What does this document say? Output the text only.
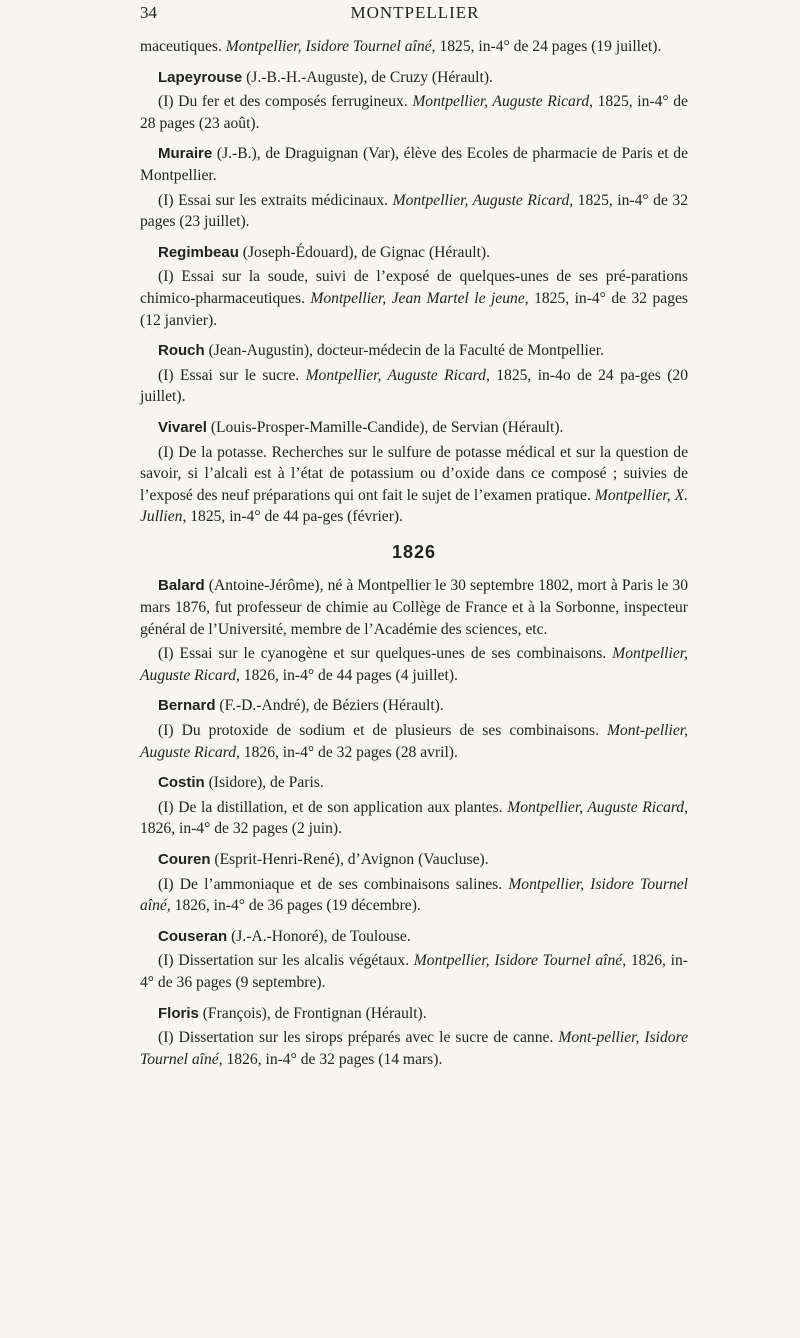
34	MONTPELLIER

maceutiques. Montpellier, Isidore Tournel aîné, 1825, in-4° de 24 pages (19 juillet).

Lapeyrouse (J.-B.-H.-Auguste), de Cruzy (Hérault).

(I) Du fer et des composés ferrugineux. Montpellier, Auguste Ricard, 1825, in-4° de 28 pages (23 août).

Muraire (J.-B.), de Draguignan (Var), élève des Ecoles de pharmacie de Paris et de Montpellier.

(I) Essai sur les extraits médicinaux. Montpellier, Auguste Ricard, 1825, in-4° de 32 pages (23 juillet).

Regimbeau (Joseph-Édouard), de Gignac (Hérault).

(I) Essai sur la soude, suivi de l’exposé de quelques-unes de ses pré-parations chimico-pharmaceutiques. Montpellier, Jean Martel le jeune, 1825, in-4° de 32 pages (12 janvier).

Rouch (Jean-Augustin), docteur-médecin de la Faculté de Montpellier.

(I) Essai sur le sucre. Montpellier, Auguste Ricard, 1825, in-4o de 24 pa-ges (20 juillet).

Vivarel (Louis-Prosper-Mamille-Candide), de Servian (Hérault).

(I) De la potasse. Recherches sur le sulfure de potasse médical et sur la question de savoir, si l’alcali est à l’état de potassium ou d’oxide dans ce composé ; suivies de l’exposé des neuf préparations qui ont fait le sujet de l’examen pratique. Montpellier, X. Jullien, 1825, in-4° de 44 pa-ges (février).

1826

Balard (Antoine-Jérôme), né à Montpellier le 30 septembre 1802, mort à Paris le 30 mars 1876, fut professeur de chimie au Collège de France et à la Sorbonne, inspecteur général de l’Université, membre de l’Académie des sciences, etc.

(I) Essai sur le cyanogène et sur quelques-unes de ses combinaisons. Montpellier, Auguste Ricard, 1826, in-4° de 44 pages (4 juillet).

Bernard (F.-D.-André), de Béziers (Hérault).

(I) Du protoxide de sodium et de plusieurs de ses combinaisons. Mont-pellier, Auguste Ricard, 1826, in-4° de 32 pages (28 avril).

Costin (Isidore), de Paris.

(I) De la distillation, et de son application aux plantes. Montpellier, Auguste Ricard, 1826, in-4° de 32 pages (2 juin).

Couren (Esprit-Henri-René), d’Avignon (Vaucluse).

(I) De l’ammoniaque et de ses combinaisons salines. Montpellier, Isidore Tournel aîné, 1826, in-4° de 36 pages (19 décembre).

Couseran (J.-A.-Honoré), de Toulouse.

(I) Dissertation sur les alcalis végétaux. Montpellier, Isidore Tournel aîné, 1826, in-4° de 36 pages (9 septembre).

Floris (François), de Frontignan (Hérault).

(I) Dissertation sur les sirops préparés avec le sucre de canne. Mont-pellier, Isidore Tournel aîné, 1826, in-4° de 32 pages (14 mars).
